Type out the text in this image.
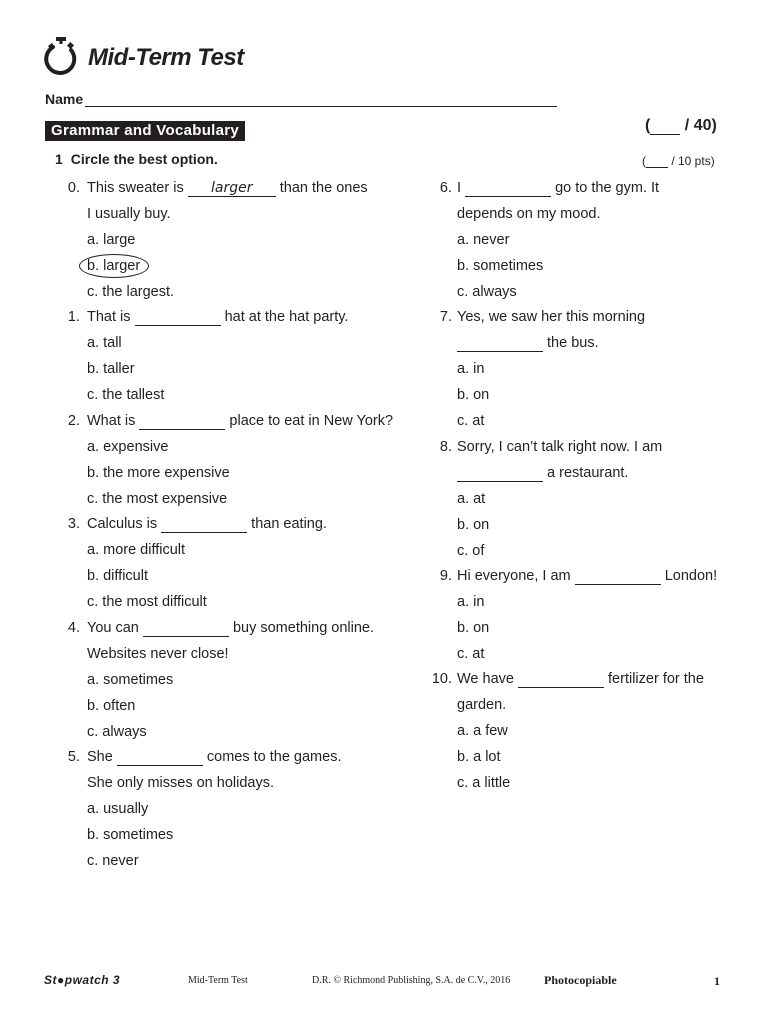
Mid-Term Test
Name
Grammar and Vocabulary	( / 40)
1 Circle the best option.	( / 10 pts)
0. This sweater is	larger	than the ones
I usually buy.
a. large
b. larger
c. the largest.
1. That is	hat at the hat party.
a. tall
b. taller
c. the tallest
2. What is	place to eat in New York?
a. expensive
b. the more expensive
c. the most expensive
3. Calculus is	than eating.
a. more difficult
b. difficult
c. the most difficult
4. You can	buy something online.
Websites never close!
a. sometimes
b. often
c. always
5. She	comes to the games.
She only misses on holidays.
a. usually
b. sometimes
c. never
6. I	go to the gym. It
depends on my mood.
a. never
b. sometimes
c. always
7. Yes, we saw her this morning
the bus.
a. in
b. on
c. at
8. Sorry, I can’t talk right now. I am
a restaurant.
a. at
b. on
c. of
9. Hi everyone, I am	London!
a. in
b. on
c. at
10. We have	fertilizer for the
garden.
a. a few
b. a lot
c. a little
St●pwatch 3	Mid-Term Test	D.R. © Richmond Publishing, S.A. de C.V., 2016	Photocopiable	1
